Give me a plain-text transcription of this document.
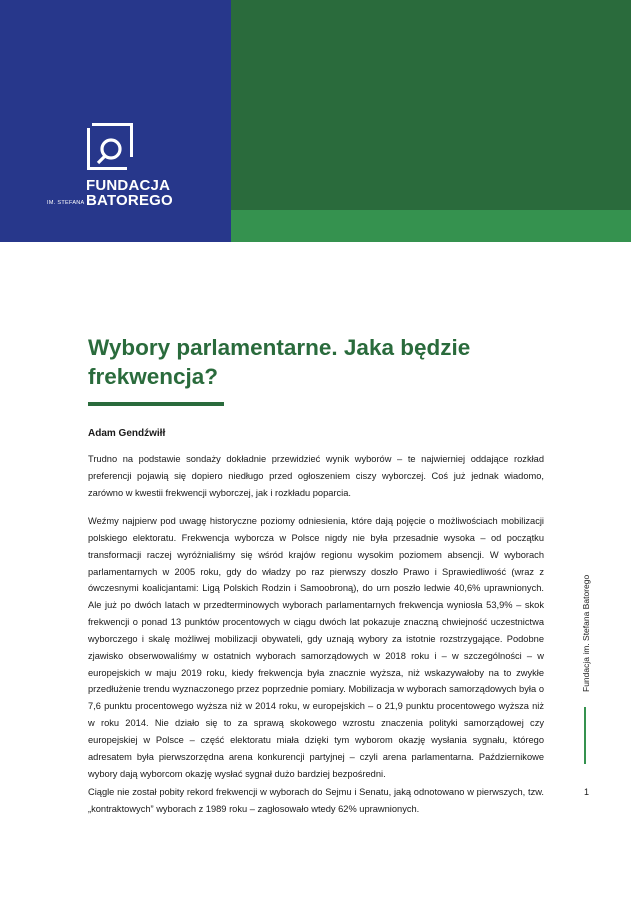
FUNDACJA
BATOREGO
IM. STEFANA
Wybory parlamentarne. Jaka będzie frekwencja?

Adam Gendźwiłł

Trudno na podstawie sondaży dokładnie przewidzieć wynik wyborów – te najwierniej oddające rozkład preferencji pojawią się dopiero niedługo przed ogłoszeniem ciszy wyborczej. Coś już jednak wiadomo, zarówno w kwestii frekwencji wyborczej, jak i rozkładu poparcia.

Weźmy najpierw pod uwagę historyczne poziomy odniesienia, które dają pojęcie o możliwościach mobilizacji polskiego elektoratu. Frekwencja wyborcza w Polsce nigdy nie była przesadnie wysoka – od początku transformacji raczej wyróżnialiśmy się wśród krajów regionu wysokim poziomem absencji. W wyborach parlamentarnych w 2005 roku, gdy do władzy po raz pierwszy doszło Prawo i Sprawiedliwość (wraz z ówczesnymi koalicjantami: Ligą Polskich Rodzin i Samoobroną), do urn poszło ledwie 40,6% uprawnionych. Ale już po dwóch latach w przedterminowych wyborach parlamentarnych frekwencja wyniosła 53,9% – skok frekwencji o ponad 13 punktów procentowych w ciągu dwóch lat pokazuje znaczną chwiejność uczestnictwa wyborczego i skalę możliwej mobilizacji obywateli, gdy uznają wybory za istotnie rozstrzygające. Podobne zjawisko obserwowaliśmy w ostatnich wyborach samorządowych w 2018 roku i – w szczególności – w europejskich w maju 2019 roku, kiedy frekwencja była znacznie wyższa, niż wskazywałoby na to zwykłe przedłużenie trendu wyznaczonego przez poprzednie pomiary. Mobilizacja w wyborach samorządowych była o 7,6 punktu procentowego wyższa niż w 2014 roku, w europejskich – o 21,9 punktu procentowego wyższa niż w roku 2014. Nie działo się to za sprawą skokowego wzrostu znaczenia polityki samorządowej czy europejskiej w Polsce – część elektoratu miała dzięki tym wyborom okazję wysłania sygnału, którego adresatem była pierwszorzędna arena konkurencji partyjnej – czyli arena parlamentarna. Październikowe wybory dają wyborcom okazję wysłać sygnał dużo bardziej bezpośredni.

Ciągle nie został pobity rekord frekwencji w wyborach do Sejmu i Senatu, jaką odnotowano w pierwszych, tzw. „kontraktowych” wyborach z 1989 roku – zagłosowało wtedy 62% uprawnionych.

Fundacja im. Stefana Batorego
1
